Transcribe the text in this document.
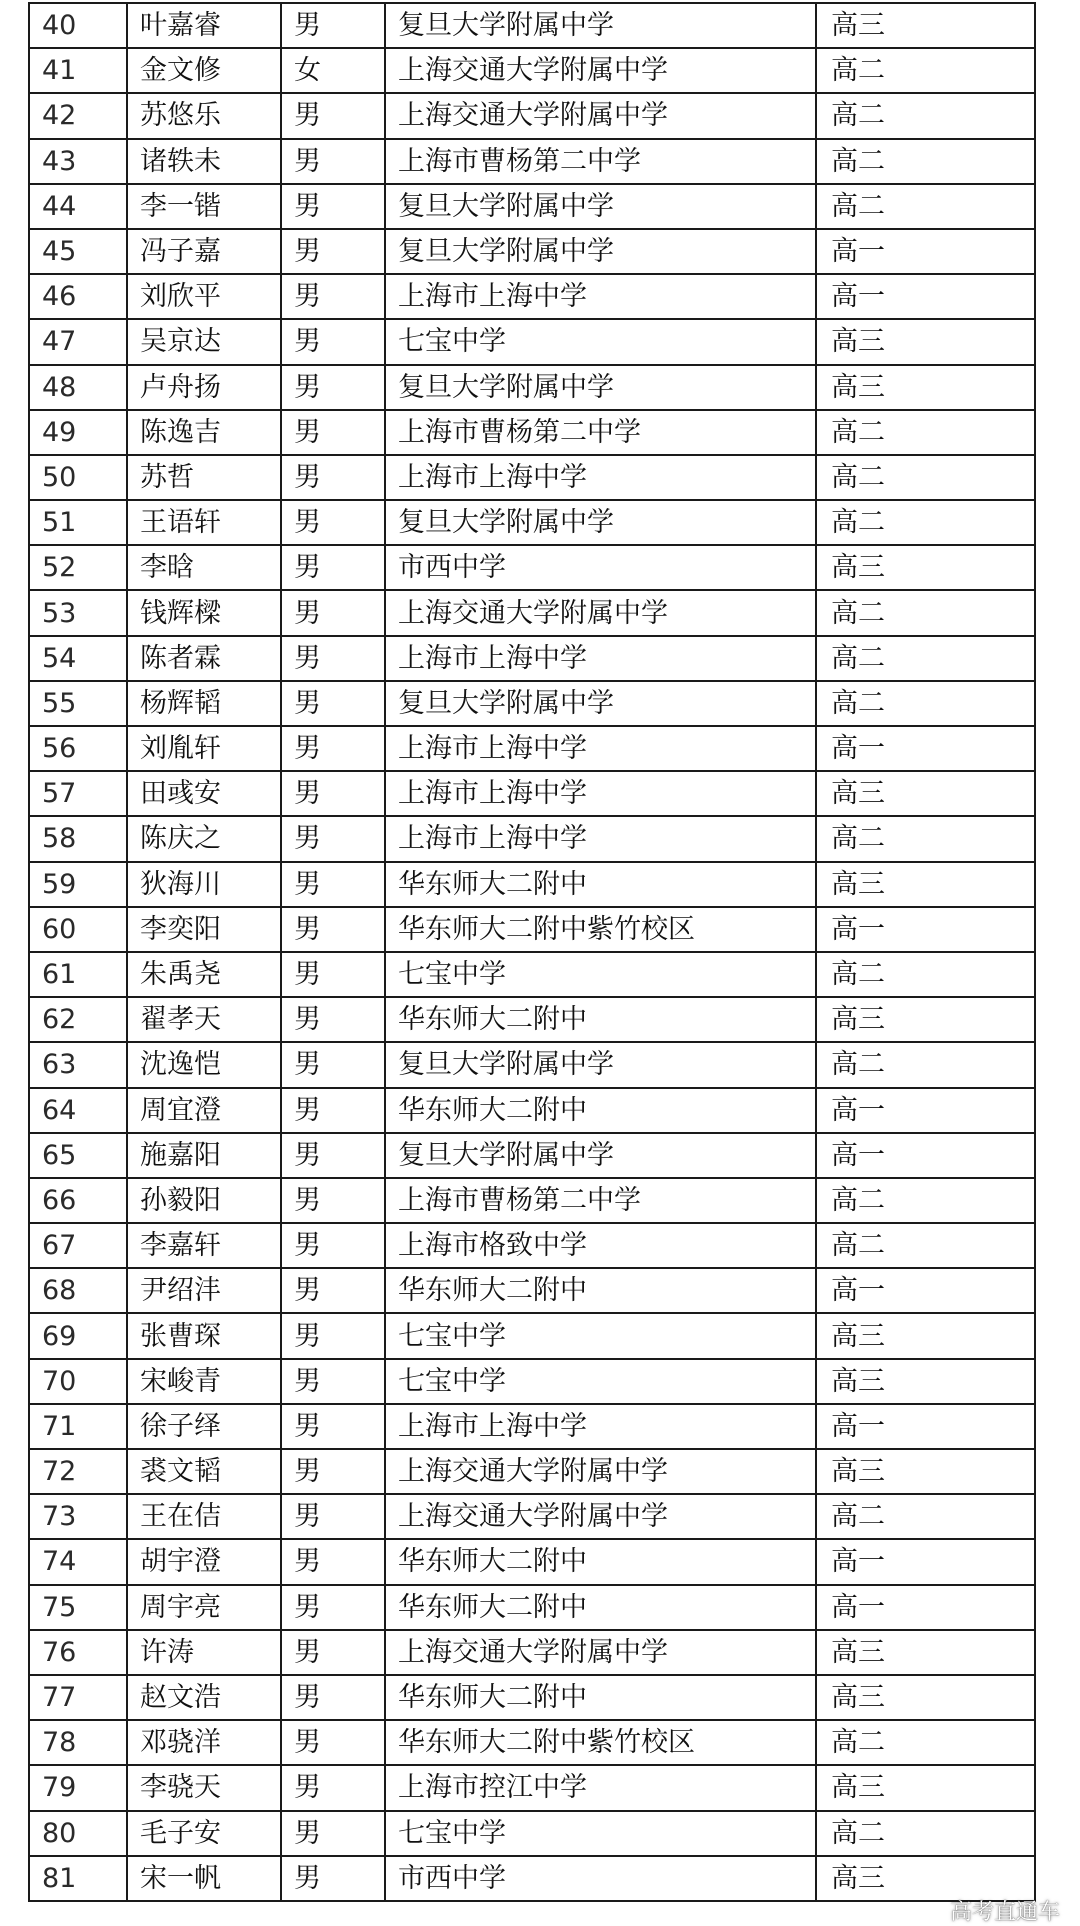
40	叶嘉睿	男	复旦大学附属中学	高三
41	金文修	女	上海交通大学附属中学	高二
42	苏悠乐	男	上海交通大学附属中学	高二
43	诸轶未	男	上海市曹杨第二中学	高二
44	李一锴	男	复旦大学附属中学	高二
45	冯子嘉	男	复旦大学附属中学	高一
46	刘欣平	男	上海市上海中学	高一
47	吴京达	男	七宝中学	高三
48	卢舟扬	男	复旦大学附属中学	高三
49	陈逸吉	男	上海市曹杨第二中学	高二
50	苏哲	男	上海市上海中学	高二
51	王语轩	男	复旦大学附属中学	高二
52	李晗	男	市西中学	高三
53	钱辉樑	男	上海交通大学附属中学	高二
54	陈者霖	男	上海市上海中学	高二
55	杨辉韬	男	复旦大学附属中学	高二
56	刘胤轩	男	上海市上海中学	高一
57	田彧安	男	上海市上海中学	高三
58	陈庆之	男	上海市上海中学	高二
59	狄海川	男	华东师大二附中	高三
60	李奕阳	男	华东师大二附中紫竹校区	高一
61	朱禹尧	男	七宝中学	高二
62	翟孝天	男	华东师大二附中	高三
63	沈逸恺	男	复旦大学附属中学	高二
64	周宜澄	男	华东师大二附中	高一
65	施嘉阳	男	复旦大学附属中学	高一
66	孙毅阳	男	上海市曹杨第二中学	高二
67	李嘉轩	男	上海市格致中学	高二
68	尹绍沣	男	华东师大二附中	高一
69	张曹琛	男	七宝中学	高三
70	宋峻青	男	七宝中学	高三
71	徐子绎	男	上海市上海中学	高一
72	裘文韬	男	上海交通大学附属中学	高三
73	王在佶	男	上海交通大学附属中学	高二
74	胡宇澄	男	华东师大二附中	高一
75	周宇亮	男	华东师大二附中	高一
76	许涛	男	上海交通大学附属中学	高三
77	赵文浩	男	华东师大二附中	高三
78	邓骁洋	男	华东师大二附中紫竹校区	高二
79	李骁天	男	上海市控江中学	高三
80	毛子安	男	七宝中学	高二
81	宋一帆	男	市西中学	高三
高考直通车
